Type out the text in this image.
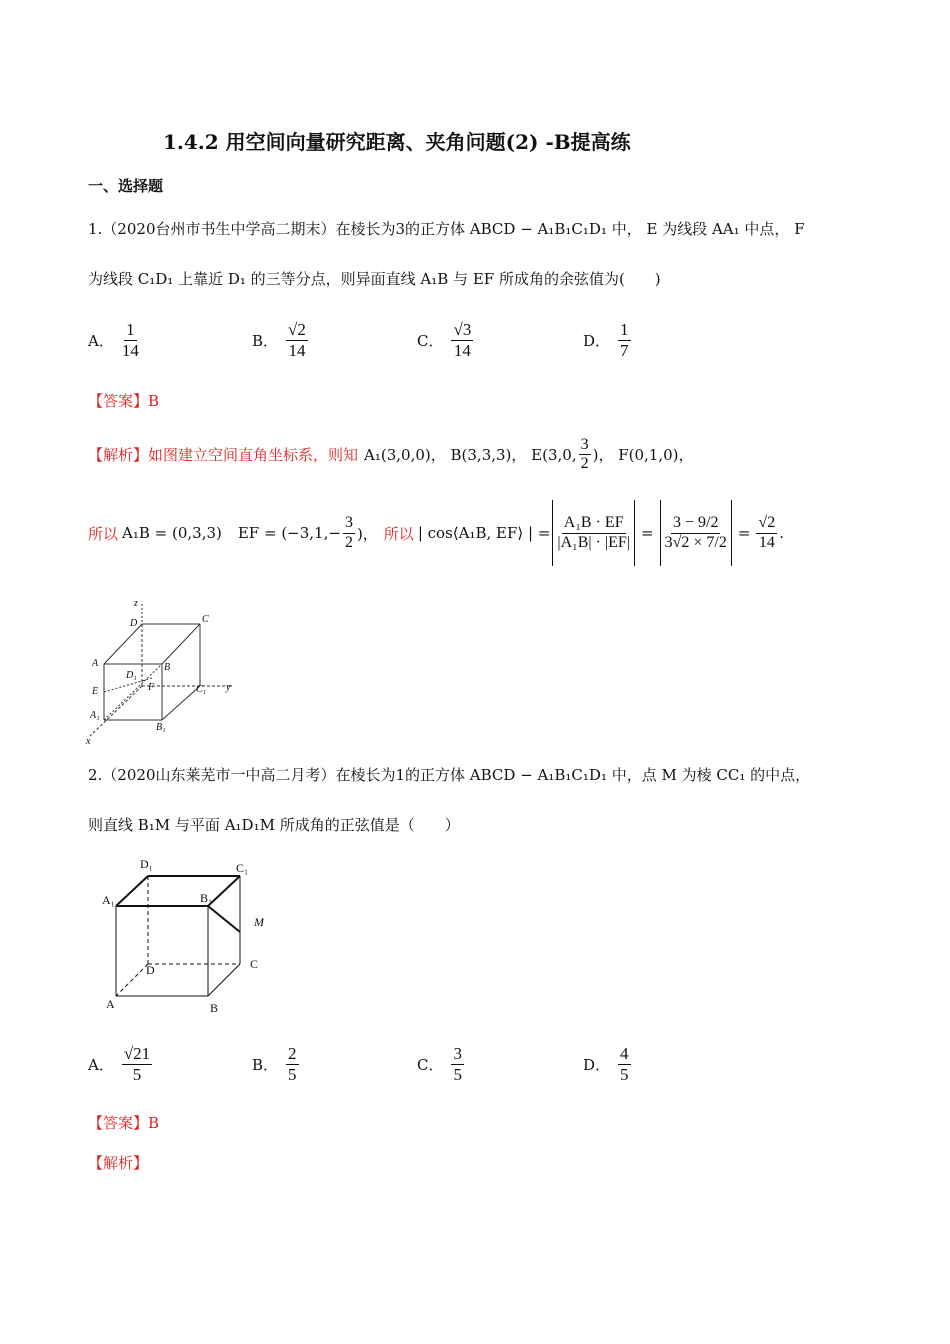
1.4.2 用空间向量研究距离、夹角问题(2) -B提高练
一、选择题
1.（2020台州市书生中学高二期末）在棱长为3的正方体 ABCD − A₁B₁C₁D₁ 中， E 为线段 AA₁ 中点， F
为线段 C₁D₁ 上靠近 D₁ 的三等分点，则异面直线 A₁B 与 EF 所成角的余弦值为(　　)
A． $\frac{1}{14}$	B． $\frac{√2}{14}$	C． $\frac{√3}{14}$	D． $\frac{1}{7}$
【答案】B
【解析】 如图建立空间直角坐标系，则知 A₁(3,0,0)， B(3,3,3)， E(3,0, $\frac{3}{2}$ )， F(0,1,0)，
所以 A₁B = (0,3,3) EF = ($-3,1,- \frac{3}{2}$ )， 所以 | cos⟨A₁B, EF⟩ | = $\frac{\text{A₁B · EF}}{\text{|A₁B| · |EF|}} = \frac{3 - 9/2}{3√2 \times 7/2} = \frac{√2}{14}$ .
z
D	C
A	B
D₁
E	F	C₁ y
A₁
B₁
x
2.（2020山东莱芜市一中高二月考）在棱长为1的正方体 ABCD − A₁B₁C₁D₁ 中，点 M 为棱 CC₁ 的中点，
则直线 B₁M 与平面 A₁D₁M 所成角的正弦值是（　　）
D₁	C₁
A₁	B₁
M
D	C
A	B
A． $\frac{√21}{5}$	B． $\frac{2}{5}$	C． $\frac{3}{5}$	D． $\frac{4}{5}$
【答案】B
【解析】
